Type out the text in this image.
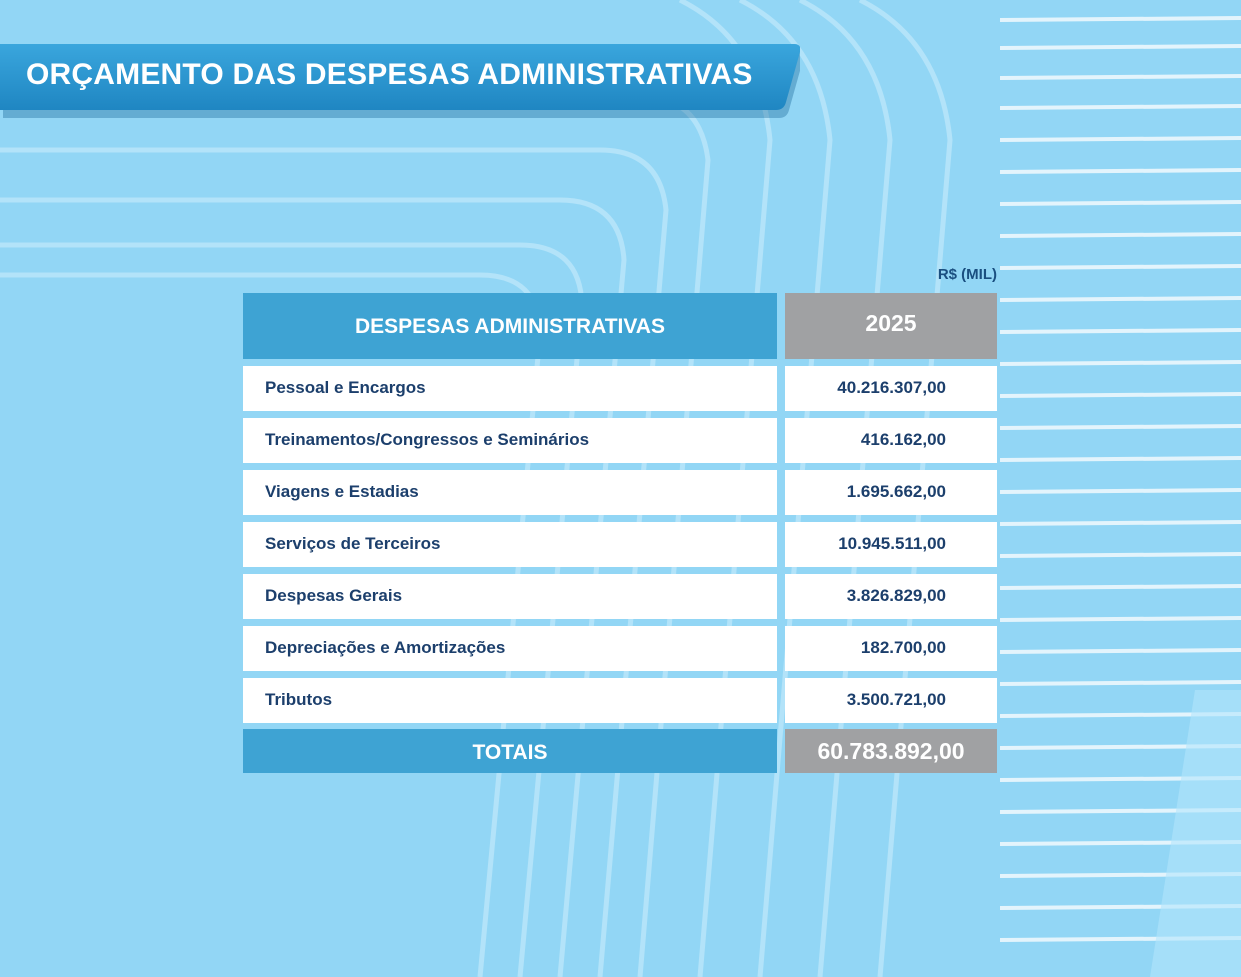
ORÇAMENTO DAS DESPESAS ADMINISTRATIVAS
R$ (MIL)
DESPESAS ADMINISTRATIVAS	2025
Pessoal e Encargos	40.216.307,00
Treinamentos/Congressos e Seminários	416.162,00
Viagens e Estadias	1.695.662,00
Serviços de Terceiros	10.945.511,00
Despesas Gerais	3.826.829,00
Depreciações e Amortizações	182.700,00
Tributos	3.500.721,00
TOTAIS	60.783.892,00
